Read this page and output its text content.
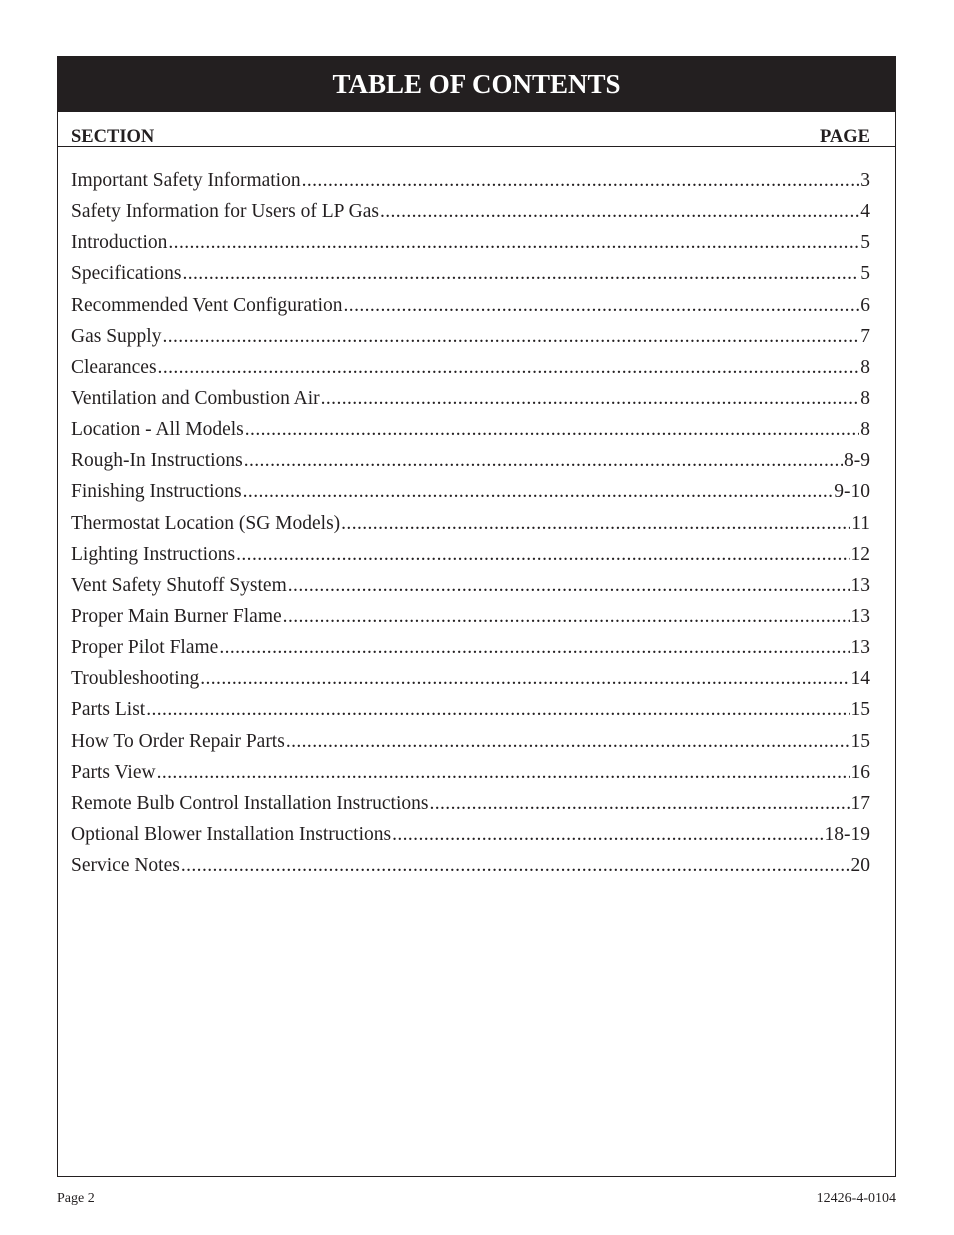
TABLE OF CONTENTS
SECTION	PAGE
Important Safety Information .....	3
Safety Information for Users of LP Gas .....	4
Introduction .....	5
Specifications .....	5
Recommended Vent Configuration .....	6
Gas Supply .....	7
Clearances .....	8
Ventilation and Combustion Air .....	8
Location - All Models .....	8
Rough-In Instructions .....	8-9
Finishing Instructions .....	9-10
Thermostat Location (SG Models) .....	11
Lighting Instructions .....	12
Vent Safety Shutoff System .....	13
Proper Main Burner Flame .....	13
Proper Pilot Flame .....	13
Troubleshooting .....	14
Parts List .....	15
How To Order Repair Parts .....	15
Parts View .....	16
Remote Bulb Control Installation Instructions .....	17
Optional Blower Installation Instructions .....	18-19
Service Notes .....	20
Page 2	12426-4-0104
